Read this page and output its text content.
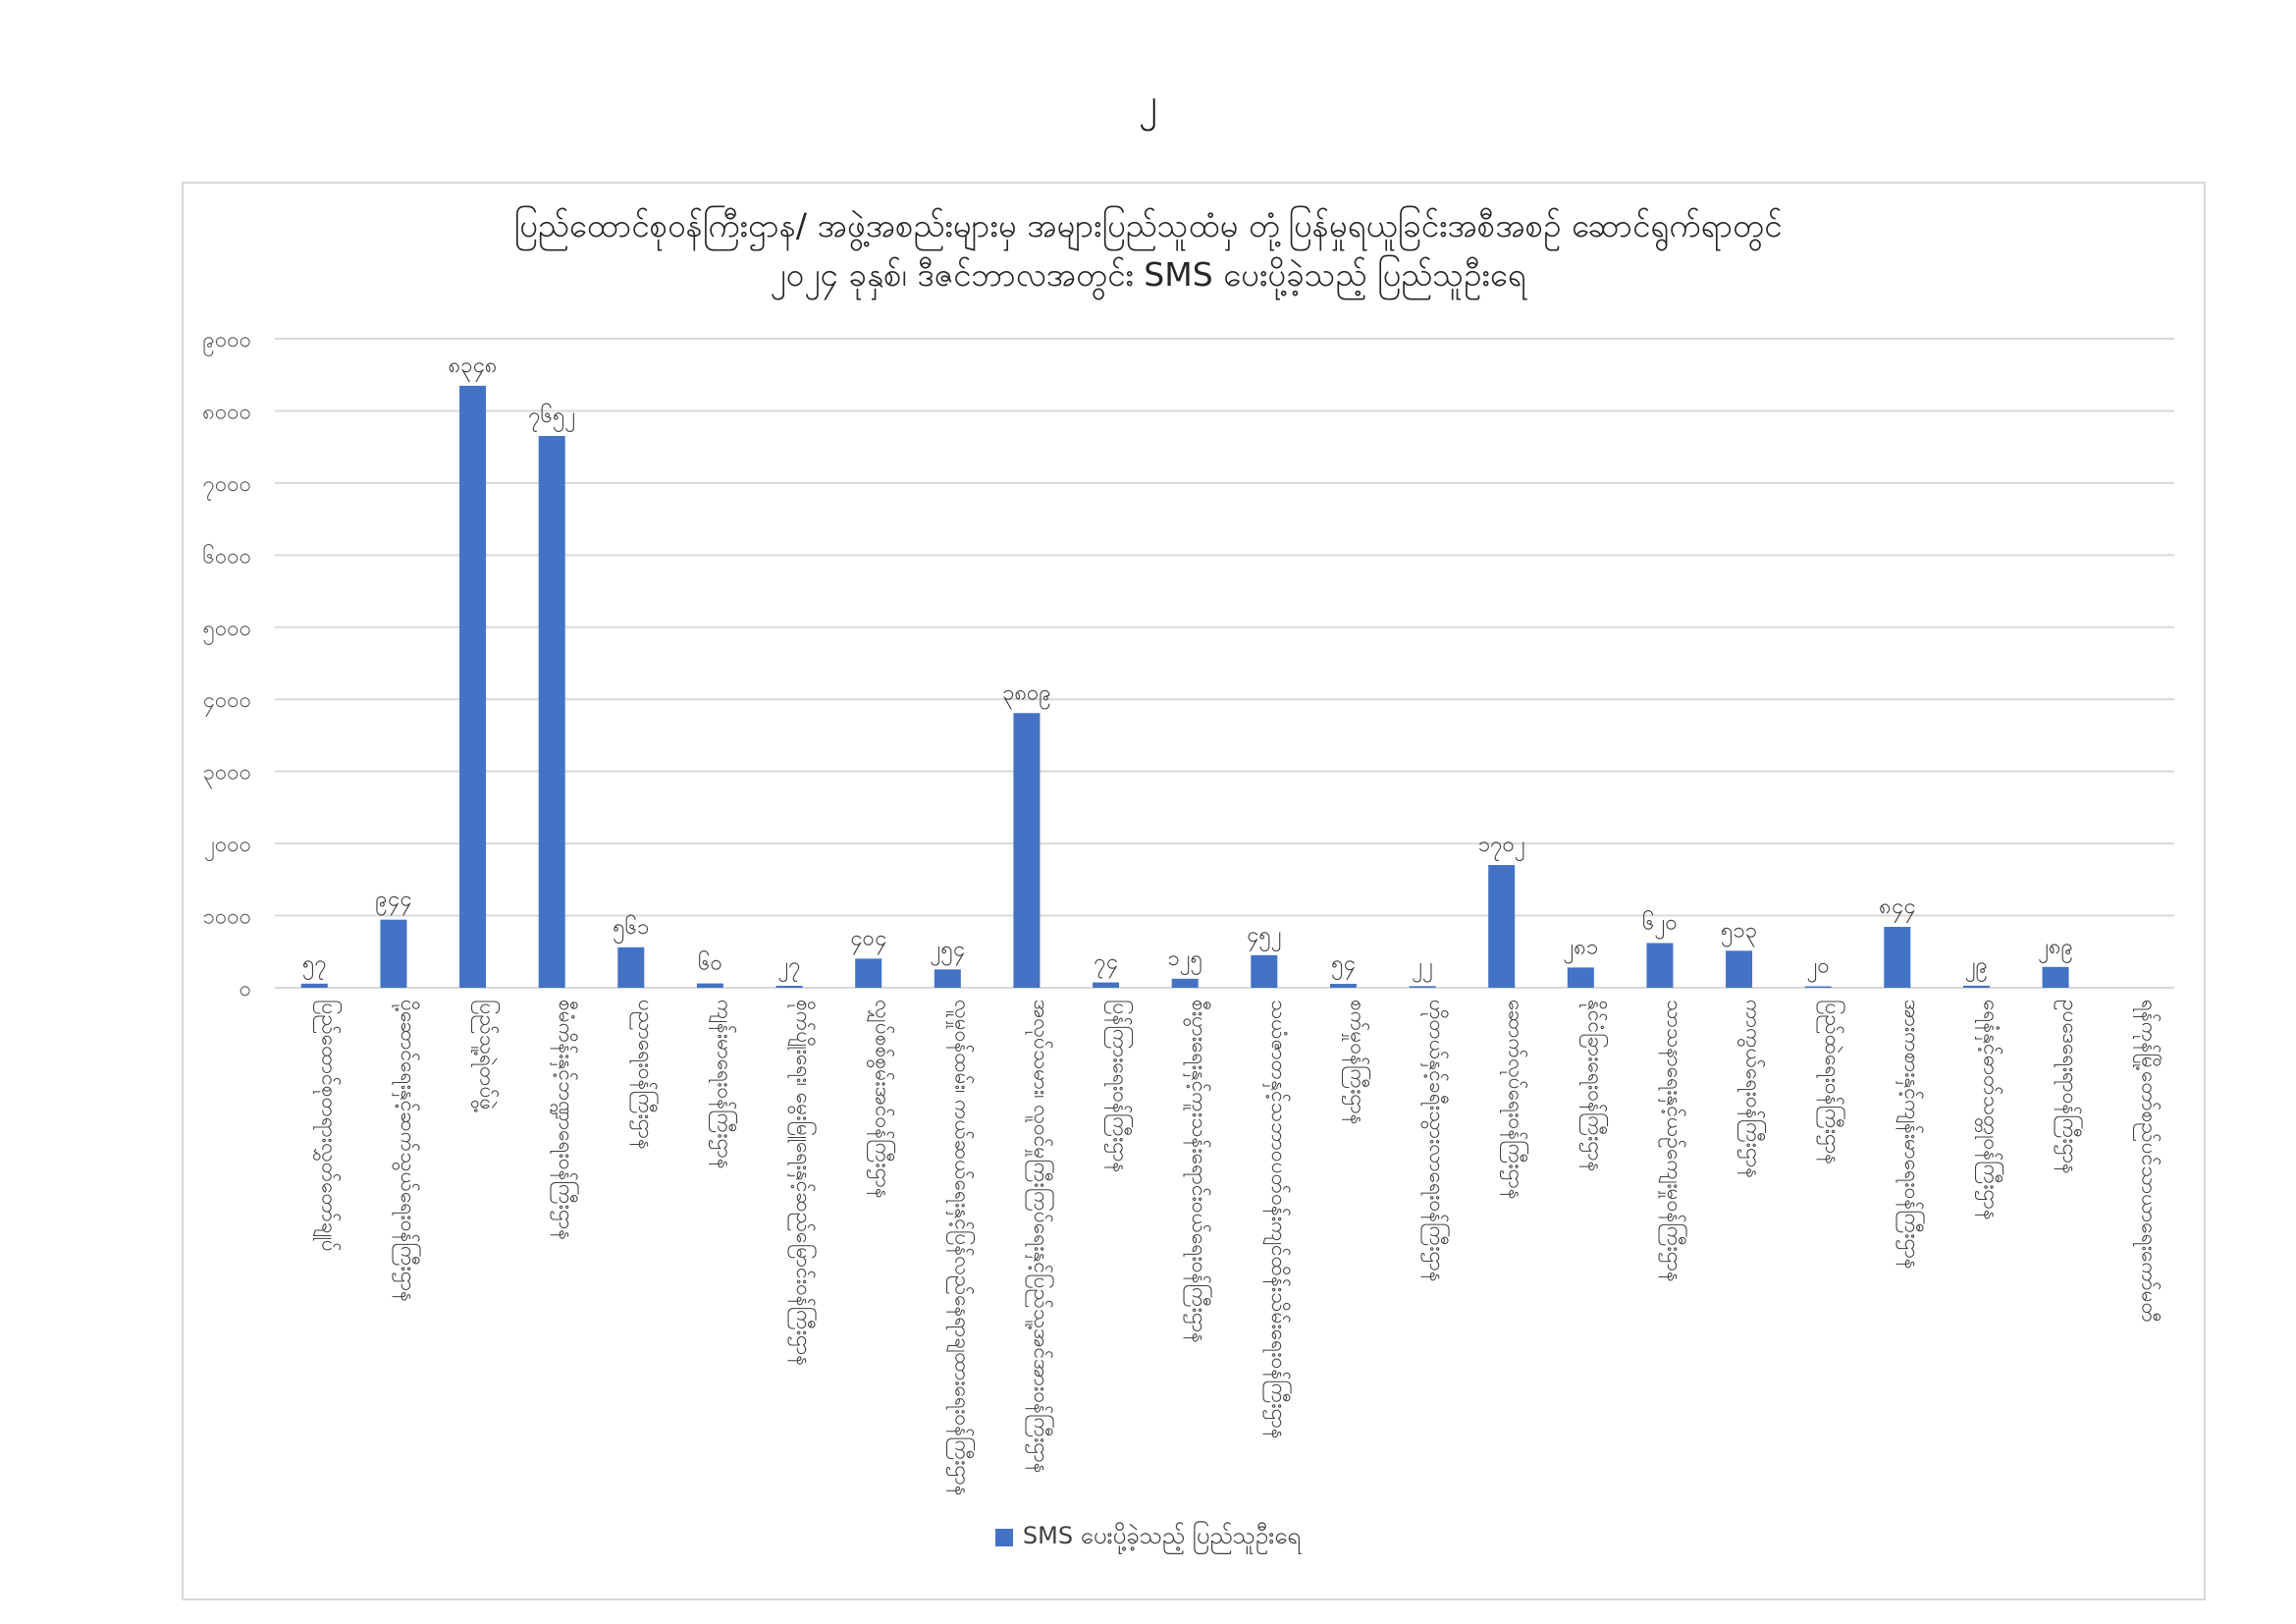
၂
ပြည်ထောင်စုဝန်ကြီးဌာန/ အဖွဲ့အစည်းများမှ အများပြည်သူထံမှ တုံ့ပြန်မှုရယူခြင်းအစီအစဉ် ဆောင်ရွက်ရာတွင်
၂၀၂၄ ခုနှစ်၊ ဒီဇင်ဘာလအတွင်း SMS ပေးပို့ခဲ့သည့် ပြည်သူဦးရေ
၀
၁၀၀၀
၂၀၀၀
၃၀၀၀
၄၀၀၀
၅၀၀၀
၆၀၀၀
၇၀၀၀
၈၀၀၀
၉၀၀၀
၅၇
၉၄၄
၈၃၄၈
၇၆၅၂
၅၆၁
၆၀	၂၇
၄၀၄ ၂၅၄
၃၈၀၉
၇၄ ၁၂၅
၄၅၂
၅၄	၂၂
၁၇၀၂
၂၈၁
၆၂၀ ၅၁၃
၂၀
၈၄၄
၂၉
၂၈၉
ပြည်ထောင်စုတရားလွှတ်တော်ချုပ်	ပို့ဆောင်ရေးနှင့်ဆက်သွယ်ရေးဝန်ကြီးဌာန	ပြည်သူ့ရဲတပ်ဖွဲ့	စီမံကိန်းနှင့်ဘဏ္ဍာရေးဝန်ကြီးဌာန	ပညာရေးဝန်ကြီးဌာန	ကျန်းမာရေးဝန်ကြီးဌာန	စိုက်ပျိုးရေး၊ မွေးမြူရေးနှင့်ဆည်မြောင်းဝန်ကြီးဌာန	လျှပ်စစ်စွမ်းအင်ဝန်ကြီးဌာန	လူမှုဝန်ထမ်း၊ ကယ်ဆယ်ရေးနှင့်ပြန်လည်နေရာချထားရေးဝန်ကြီးဌာန	အလုပ်သမား၊ လူဝင်မှုကြီးကြပ်ရေးနှင့်ပြည်သူ့အင်အားဝန်ကြီးဌာန	ပြန်ကြားရေးဝန်ကြီးဌာန	စီးပွားရေးနှင့်ကူးသန်းရောင်းဝယ်ရေးဝန်ကြီးဌာန	သယံဇာတနှင့်သဘာဝပတ်ဝန်းကျင်ထိန်းသိမ်းရေးဝန်ကြီးဌာန	စက်မှုဝန်ကြီးဌာန	ဟိုတယ်နှင့်ခရီးသွားလာရေးဝန်ကြီးဌာန	ဆောက်လုပ်ရေးဝန်ကြီးဌာန	နိုင်ငံခြားရေးဝန်ကြီးဌာန	သာသနာရေးနှင့်ယဉ်ကျေးမှုဝန်ကြီးဌာန	ကာကွယ်ရေးဝန်ကြီးဌာန	ပြည်ထဲရေးဝန်ကြီးဌာန	အားကစားနှင့်ကျန်းမာရေးဝန်ကြီးဌာန	ရေနံနှင့်ဓာတ်သတ္တုဝန်ကြီးဌာန	ဥပဒေရေးရာဝန်ကြီးဌာန	ရန်ကုန်မြို့တော်စည်ပင်သာယာရေးကော်မတီ
SMS ပေးပို့ခဲ့သည့် ပြည်သူဦးရေ
